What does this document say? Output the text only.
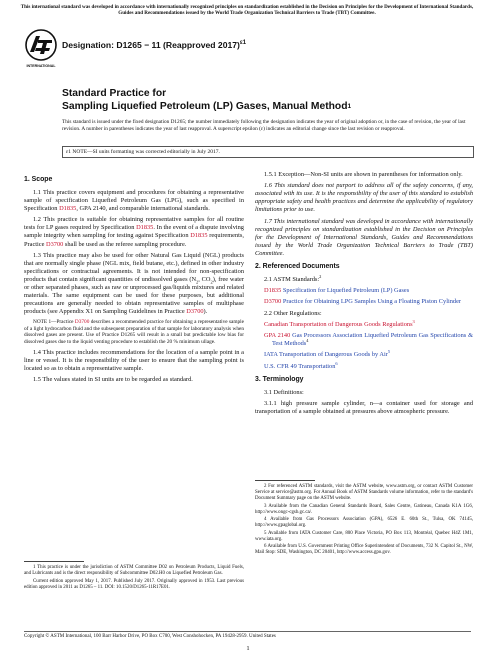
This international standard was developed in accordance with internationally recognized principles on standardization established in the Decision on Principles for the Development of International Standards, Guides and Recommendations issued by the World Trade Organization Technical Barriers to Trade (TBT) Committee.
INTERNATIONAL
Designation: D1265 − 11 (Reapproved 2017)$^{\varepsilon 1}$
Standard Practice for
Sampling Liquefied Petroleum (LP) Gases, Manual Method$^1$
This standard is issued under the fixed designation D1265; the number immediately following the designation indicates the year of original adoption or, in the case of revision, the year of last revision. A number in parentheses indicates the year of last reapproval. A superscript epsilon (ε) indicates an editorial change since the last revision or reapproval.
ε1 NOTE—SI units formatting was corrected editorially in July 2017.
1. Scope

1.1 This practice covers equipment and procedures for obtaining a representative sample of specification Liquefied Petroleum Gas (LPG), such as specified in Specification D1835, GPA 2140, and comparable international standards.

1.2 This practice is suitable for obtaining representative samples for all routine tests for LP gases required by Specification D1835. In the event of a dispute involving sample integrity when sampling for testing against Specification D1835 requirements, Practice D3700 shall be used as the referee sampling procedure.

1.3 This practice may also be used for other Natural Gas Liquid (NGL) products that are normally single phase (NGL mix, field butane, etc.), defined in other industry specifications or contractual agreements. It is not intended for non-specification products that contain significant quantities of undissolved gases ($N_2$, $CO_2$), free water or other separated phases, such as raw or unprocessed gas/liquids mixtures and related materials. The same equipment can be used for these purposes, but additional precautions are generally needed to obtain representative samples of multiphase products (see Appendix X1 on Sampling Guidelines in Practice D3700).

NOTE 1—Practice D3700 describes a recommended practice for obtaining a representative sample of a light hydrocarbon fluid and the subsequent preparation of that sample for laboratory analysis when dissolved gases are present. Use of Practice D1265 will result in a small but predictable low bias for dissolved gases due to the liquid venting procedure to establish the 20 % minimum ullage.

1.4 This practice includes recommendations for the location of a sample point in a line or vessel. It is the responsibility of the user to ensure that the sampling point is located so as to obtain a representative sample.

1.5 The values stated in SI units are to be regarded as standard.

1.5.1 Exception—Non-SI units are shown in parentheses for information only.

1.6 This standard does not purport to address all of the safety concerns, if any, associated with its use. It is the responsibility of the user of this standard to establish appropriate safety and health practices and determine the applicability of regulatory limitations prior to use.

1.7 This international standard was developed in accordance with internationally recognized principles on standardization established in the Decision on Principles for the Development of International Standards, Guides and Recommendations issued by the World Trade Organization Technical Barriers to Trade (TBT) Committee.

2. Referenced Documents

2.1 ASTM Standards:$^2$

D1835 Specification for Liquefied Petroleum (LP) Gases

D3700 Practice for Obtaining LPG Samples Using a Floating Piston Cylinder

2.2 Other Regulations:

Canadian Transportation of Dangerous Goods Regulations$^3$

GPA 2140 Gas Processors Association Liquefied Petroleum Gas Specifications & Test Methods$^4$

IATA Transportation of Dangerous Goods by Air$^5$

U.S. CFR 49 Transportation$^6$

3. Terminology

3.1 Definitions:

3.1.1 high pressure sample cylinder, n—a container used for storage and transportation of a sample obtained at pressures above atmospheric pressure.

2 For referenced ASTM standards, visit the ASTM website, www.astm.org, or contact ASTM Customer Service at service@astm.org. For Annual Book of ASTM Standards volume information, refer to the standard's Document Summary page on the ASTM website.

3 Available from the Canadian General Standards Board, Sales Centre, Gatineau, Canada K1A 1G6, http://www.ongc-cgsb.gc.ca/.

4 Available from Gas Processors Association (GPA), 6526 E. 60th St., Tulsa, OK 74145, http://www.gpaglobal.org.

5 Available from IATA Customer Care, 800 Place Victoria, PO Box 113, Montréal, Quebec H4Z 1M1, www.iata.org.

6 Available from U.S. Government Printing Office Superintendent of Documents, 732 N. Capitol St., NW, Mail Stop: SDE, Washington, DC 20401, http://www.access.gpo.gov.

1 This practice is under the jurisdiction of ASTM Committee D02 on Petroleum Products, Liquid Fuels, and Lubricants and is the direct responsibility of Subcommittee D02.H0 on Liquefied Petroleum Gas.

Current edition approved May 1, 2017. Published July 2017. Originally approved in 1953. Last previous edition approved in 2011 as D1265 – 11. DOI: 10.1520/D1265-11R17E01.

Copyright © ASTM International, 100 Barr Harbor Drive, PO Box C700, West Conshohocken, PA 19428-2959. United States
1
